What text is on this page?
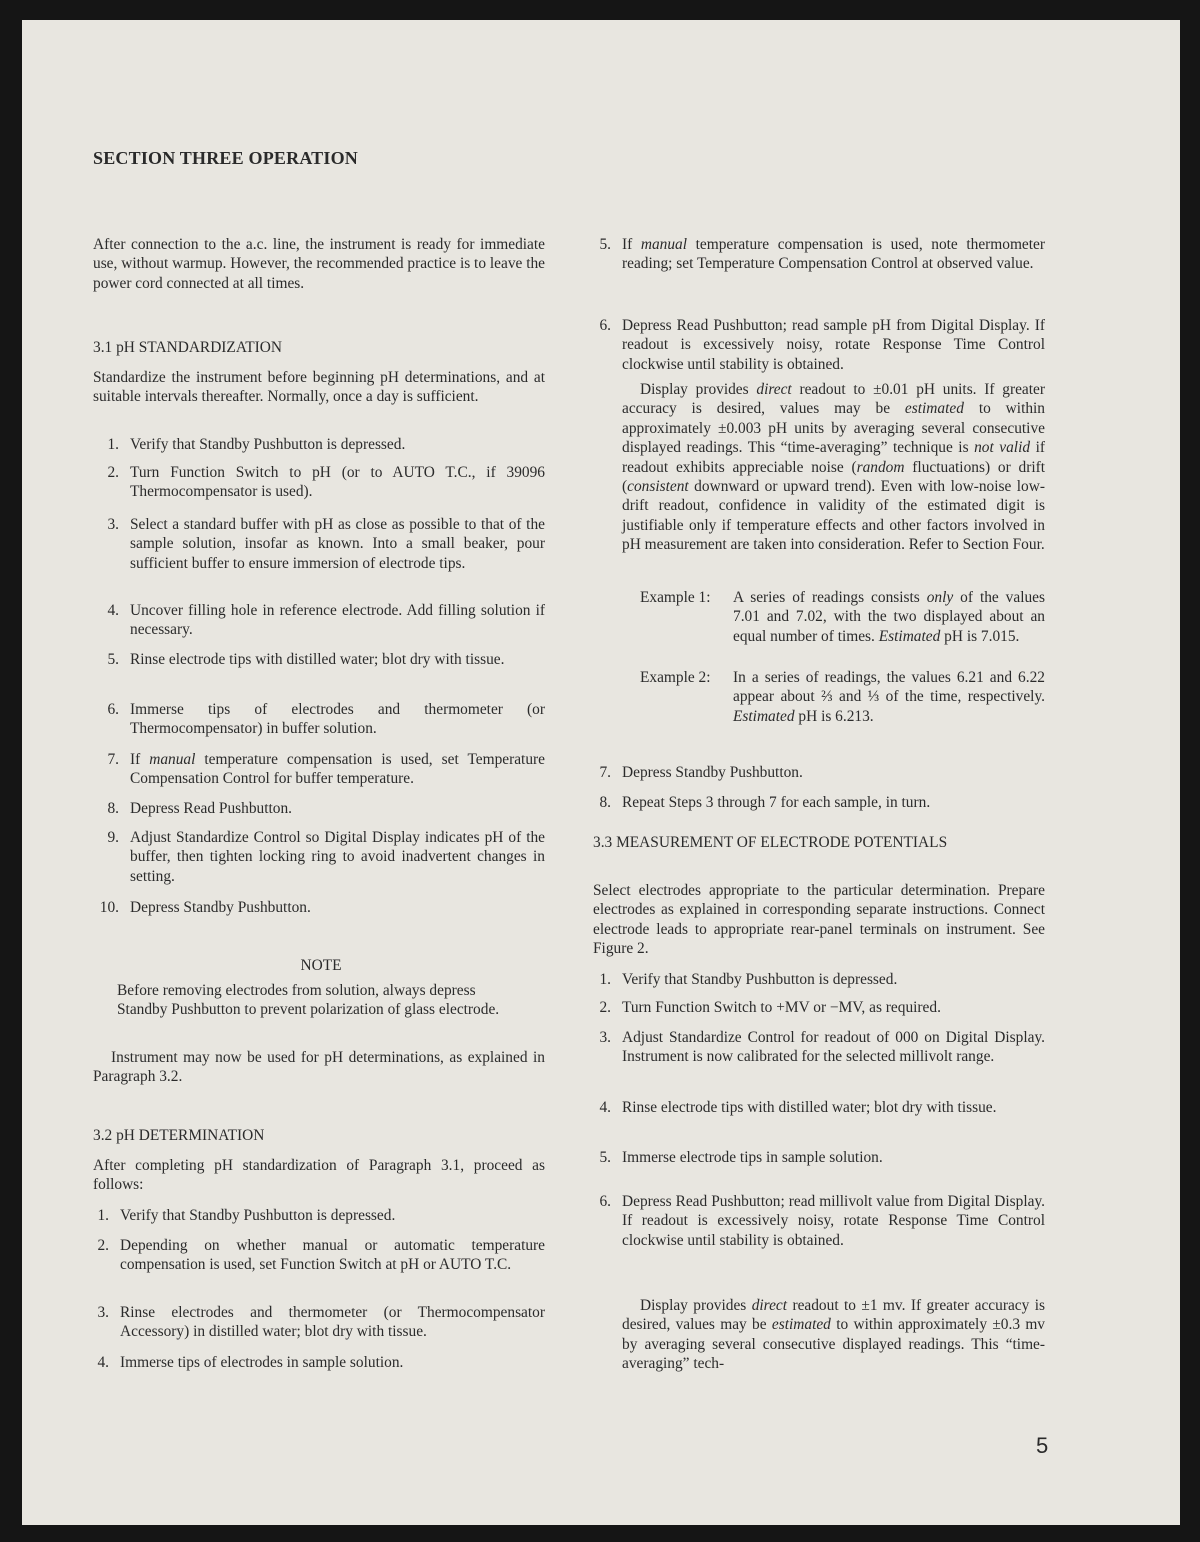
SECTION THREE OPERATION
After connection to the a.c. line, the instrument is ready for immediate use, without warmup. However, the recommended practice is to leave the power cord connected at all times.
3.1 pH STANDARDIZATION
Standardize the instrument before beginning pH determinations, and at suitable intervals thereafter. Normally, once a day is sufficient.
1. Verify that Standby Pushbutton is depressed.
2. Turn Function Switch to pH (or to AUTO T.C., if 39096 Thermocompensator is used).
3. Select a standard buffer with pH as close as possible to that of the sample solution, insofar as known. Into a small beaker, pour sufficient buffer to ensure immersion of electrode tips.
4. Uncover filling hole in reference electrode. Add filling solution if necessary.
5. Rinse electrode tips with distilled water; blot dry with tissue.
6. Immerse tips of electrodes and thermometer (or Thermocompensator) in buffer solution.
7. If manual temperature compensation is used, set Temperature Compensation Control for buffer temperature.
8. Depress Read Pushbutton.
9. Adjust Standardize Control so Digital Display indicates pH of the buffer, then tighten locking ring to avoid inadvertent changes in setting.
10. Depress Standby Pushbutton.
NOTE
Before removing electrodes from solution, always depress Standby Pushbutton to prevent polarization of glass electrode.
Instrument may now be used for pH determinations, as explained in Paragraph 3.2.
3.2 pH DETERMINATION
After completing pH standardization of Paragraph 3.1, proceed as follows:
1. Verify that Standby Pushbutton is depressed.
2. Depending on whether manual or automatic temperature compensation is used, set Function Switch at pH or AUTO T.C.
3. Rinse electrodes and thermometer (or Thermocompensator Accessory) in distilled water; blot dry with tissue.
4. Immerse tips of electrodes in sample solution.
5. If manual temperature compensation is used, note thermometer reading; set Temperature Compensation Control at observed value.
6. Depress Read Pushbutton; read sample pH from Digital Display. If readout is excessively noisy, rotate Response Time Control clockwise until stability is obtained.
Display provides direct readout to ±0.01 pH units. If greater accuracy is desired, values may be estimated to within approximately ±0.003 pH units by averaging several consecutive displayed readings. This “time-averaging” technique is not valid if readout exhibits appreciable noise (random fluctuations) or drift (consistent downward or upward trend). Even with low-noise low-drift readout, confidence in validity of the estimated digit is justifiable only if temperature effects and other factors involved in pH measurement are taken into consideration. Refer to Section Four.
Example 1: A series of readings consists only of the values 7.01 and 7.02, with the two displayed about an equal number of times. Estimated pH is 7.015.
Example 2: In a series of readings, the values 6.21 and 6.22 appear about ⅔ and ⅓ of the time, respectively. Estimated pH is 6.213.
7. Depress Standby Pushbutton.
8. Repeat Steps 3 through 7 for each sample, in turn.
3.3 MEASUREMENT OF ELECTRODE POTENTIALS
Select electrodes appropriate to the particular determination. Prepare electrodes as explained in corresponding separate instructions. Connect electrode leads to appropriate rear-panel terminals on instrument. See Figure 2.
1. Verify that Standby Pushbutton is depressed.
2. Turn Function Switch to +MV or −MV, as required.
3. Adjust Standardize Control for readout of 000 on Digital Display. Instrument is now calibrated for the selected millivolt range.
4. Rinse electrode tips with distilled water; blot dry with tissue.
5. Immerse electrode tips in sample solution.
6. Depress Read Pushbutton; read millivolt value from Digital Display. If readout is excessively noisy, rotate Response Time Control clockwise until stability is obtained.
Display provides direct readout to ±1 mv. If greater accuracy is desired, values may be estimated to within approximately ±0.3 mv by averaging several consecutive displayed readings. This “time-averaging” tech-
5
